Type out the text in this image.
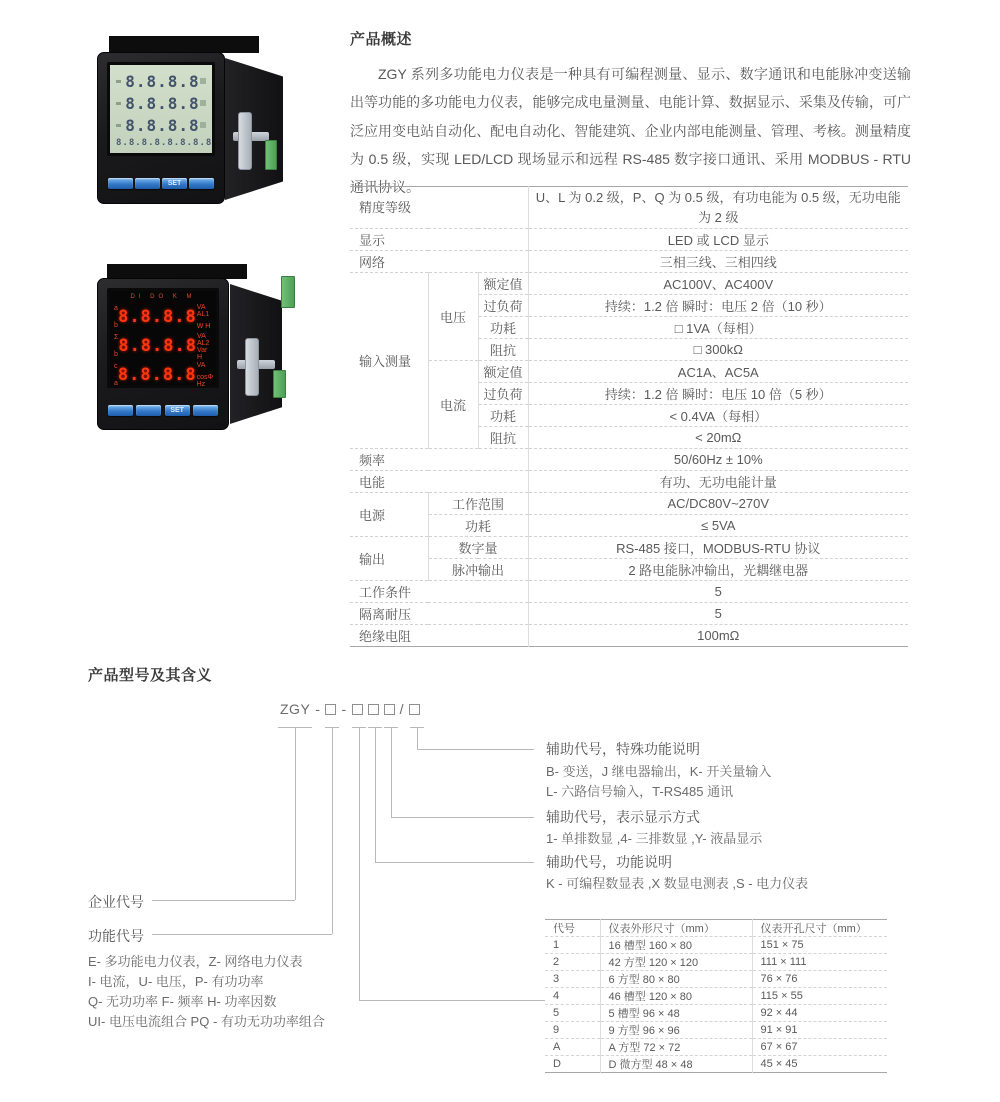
8.8.8.8
8.8.8.8
8.8.8.8
8.8.8.8.8.8.8.8
SET
DI DO K M
a
b 8.8.8.8 VA AL1
W H
Σ
b 8.8.8.8 VA AL2
Var H
c
a 8.8.8.8 VA
cosΦ Hz
SET
产品概述
ZGY 系列多功能电力仪表是一种具有可编程测量、显示、数字通讯和电能脉冲变送输出等功能的多功能电力仪表，能够完成电量测量、电能计算、数据显示、采集及传输，可广泛应用变电站自动化、配电自动化、智能建筑、企业内部电能测量、管理、考核。测量精度为 0.5 级，实现 LED/LCD 现场显示和远程 RS-485 数字接口通讯、采用 MODBUS - RTU 通讯协议。
精度等级			U、L 为 0.2 级，P、Q 为 0.5 级，有功电能为 0.5 级，无功电能为 2 级
显示			LED 或 LCD 显示
网络			三相三线、三相四线
输入测量	电压	额定值	AC100V、AC400V
		过负荷	持续：1.2 倍 瞬时：电压 2 倍（10 秒）
		功耗	□ 1VA（每相）
		阻抗	□ 300kΩ
	电流	额定值	AC1A、AC5A
		过负荷	持续：1.2 倍 瞬时：电压 10 倍（5 秒）
		功耗	< 0.4VA（每相）
		阻抗	< 20mΩ
频率			50/60Hz ± 10%
电能			有功、无功电能计量
电源	工作范围		AC/DC80V~270V
	功耗		≤ 5VA
输出	数字量		RS-485 接口，MODBUS-RTU 协议
	脉冲输出		2 路电能脉冲输出，光耦继电器
工作条件			5
隔离耐压			5
绝缘电阻			100mΩ
产品型号及其含义
ZGY - -	/
辅助代号，特殊功能说明
B- 变送，J 继电器输出，K- 开关量输入
L- 六路信号输入，T-RS485 通讯
辅助代号，表示显示方式
1- 单排数显 ,4- 三排数显 ,Y- 液晶显示
辅助代号，功能说明
K - 可编程数显表 ,X 数显电测表 ,S - 电力仪表
企业代号
功能代号
E- 多功能电力仪表，Z- 网络电力仪表
I- 电流，U- 电压，P- 有功功率
Q- 无功功率 F- 频率 H- 功率因数
UI- 电压电流组合 PQ - 有功无功功率组合
代号	仪表外形尺寸（mm）	仪表开孔尺寸（mm）
1	16 槽型 160 × 80	151 × 75
2	42 方型 120 × 120	111 × 111
3	6 方型 80 × 80	76 × 76
4	46 槽型 120 × 80	115 × 55
5	5 槽型 96 × 48	92 × 44
9	9 方型 96 × 96	91 × 91
A	A 方型 72 × 72	67 × 67
D	D 微方型 48 × 48	45 × 45
